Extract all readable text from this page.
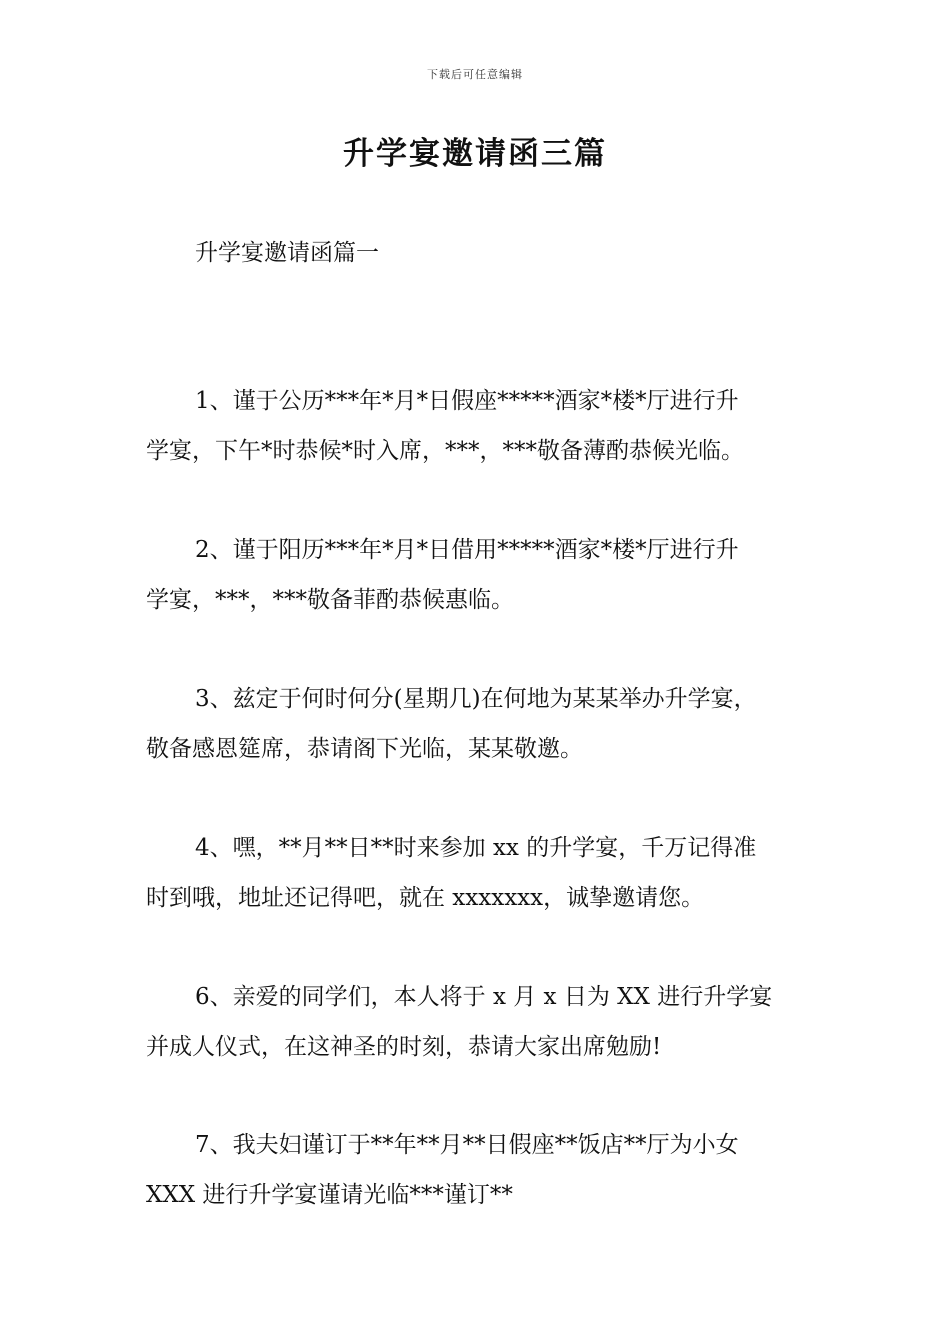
下载后可任意编辑
升学宴邀请函三篇
升学宴邀请函篇一
1、谨于公历***年*月*日假座*****酒家*楼*厅进行升
学宴，下午*时恭候*时入席，***，***敬备薄酌恭候光临。
2、谨于阳历***年*月*日借用*****酒家*楼*厅进行升
学宴，***，***敬备菲酌恭候惠临。
3、兹定于何时何分(星期几)在何地为某某举办升学宴，
敬备感恩筵席，恭请阁下光临，某某敬邀。
4、嘿，**月**日**时来参加 xx 的升学宴，千万记得准
时到哦，地址还记得吧，就在 xxxxxxx，诚挚邀请您。
6、亲爱的同学们，本人将于 x 月 x 日为 XX 进行升学宴
并成人仪式，在这神圣的时刻，恭请大家出席勉励!
7、我夫妇谨订于**年**月**日假座**饭店**厅为小女
XXX 进行升学宴谨请光临***谨订**
